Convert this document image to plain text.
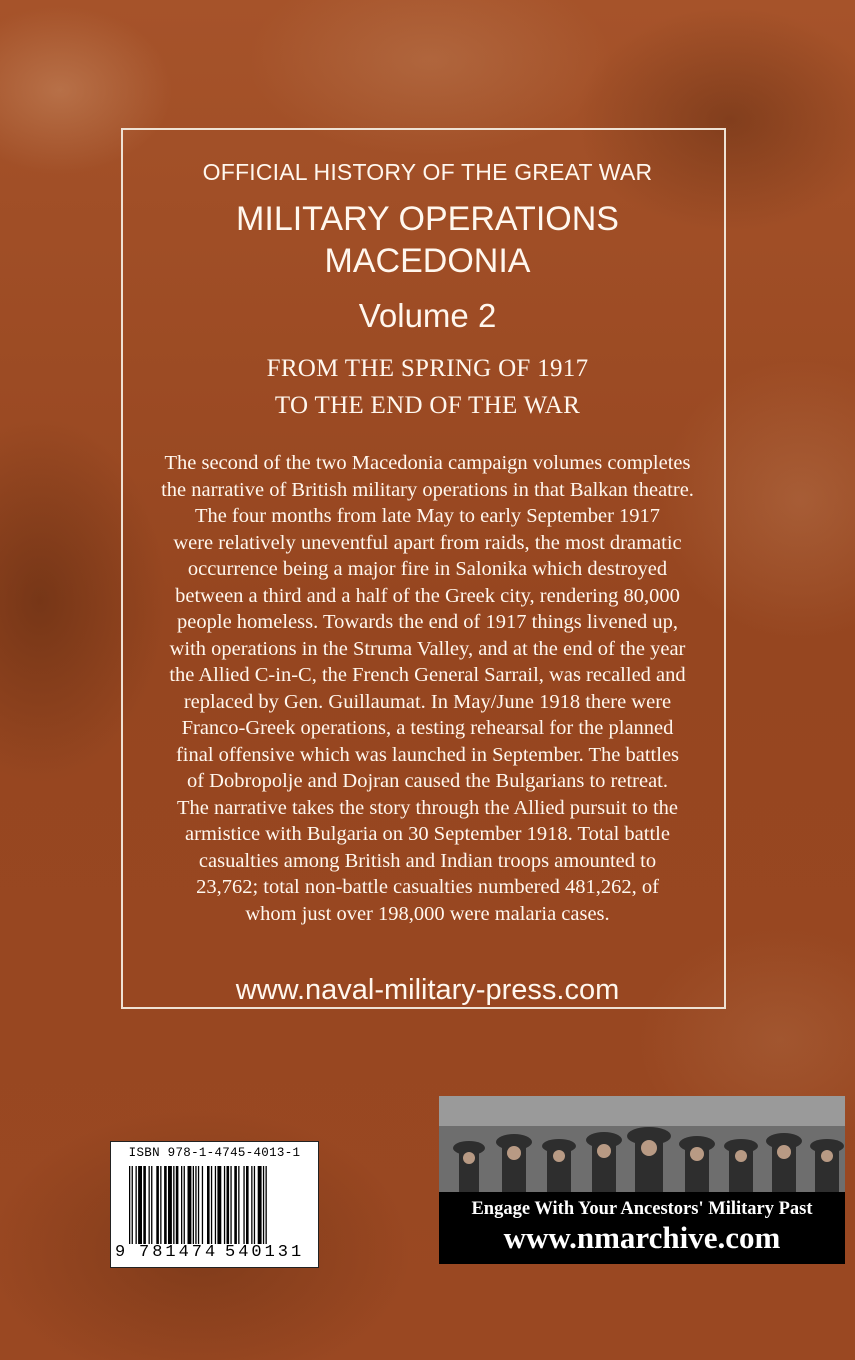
OFFICIAL HISTORY OF THE GREAT WAR
MILITARY OPERATIONS
MACEDONIA
Volume 2
FROM THE SPRING OF 1917
TO THE END OF THE WAR
The second of the two Macedonia campaign volumes completes
the narrative of British military operations in that Balkan theatre.
The four months from late May to early September 1917
were relatively uneventful apart from raids, the most dramatic
occurrence being a major fire in Salonika which destroyed
between a third and a half of the Greek city, rendering 80,000
people homeless. Towards the end of 1917 things livened up,
with operations in the Struma Valley, and at the end of the year
the Allied C-in-C, the French General Sarrail, was recalled and
replaced by Gen. Guillaumat. In May/June 1918 there were
Franco-Greek operations, a testing rehearsal for the planned
final offensive which was launched in September. The battles
of Dobropolje and Dojran caused the Bulgarians to retreat.
The narrative takes the story through the Allied pursuit to the
armistice with Bulgaria on 30 September 1918. Total battle
casualties among British and Indian troops amounted to
23,762; total non-battle casualties numbered 481,262, of
whom just over 198,000 were malaria cases.
www.naval-military-press.com
ISBN 978-1-4745-4013-1
9 781474 540131
Engage With Your Ancestors' Military Past
www.nmarchive.com
